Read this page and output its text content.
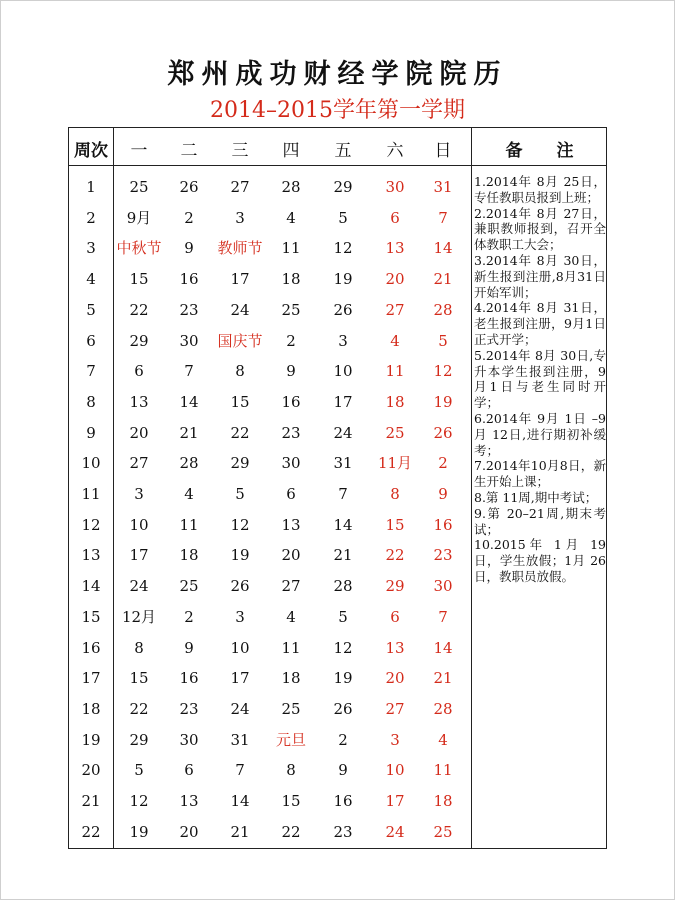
郑州成功财经学院院历
2014–2015学年第一学期
周次	一	二	三	四	五	六	日	备　　注
1	25	26	27	28	29	30	31
2	9月	2	3	4	5	6	7
3	中秋节	9	教师节	11	12	13	14
4	15	16	17	18	19	20	21
5	22	23	24	25	26	27	28
6	29	30	国庆节	2	3	4	5
7	6	7	8	9	10	11	12
8	13	14	15	16	17	18	19
9	20	21	22	23	24	25	26
10	27	28	29	30	31	11月	2
11	3	4	5	6	7	8	9
12	10	11	12	13	14	15	16
13	17	18	19	20	21	22	23
14	24	25	26	27	28	29	30
15	12月	2	3	4	5	6	7
16	8	9	10	11	12	13	14
17	15	16	17	18	19	20	21
18	22	23	24	25	26	27	28
19	29	30	31	元旦	2	3	4
20	5	6	7	8	9	10	11
21	12	13	14	15	16	17	18
22	19	20	21	22	23	24	25
1.2014年 8月 25日，专任教职员报到上班；
2.2014年 8月 27日，兼职教师报到，召开全体教职工大会；
3.2014年 8月 30日，新生报到注册,8月31日开始军训；
4.2014年 8月 31日，老生报到注册，9月1日正式开学；
5.2014年 8月 30日,专升本学生报到注册，9月1日与老生同时开学；
6.2014年 9月 1日 –9月 12日,进行期初补缓考；
7.2014年10月8日，新生开始上课；
8.第 11周,期中考试；
9.第 20–21周,期末考试；
10.2015年 1月 19日，学生放假；1月 26日，教职员放假。
